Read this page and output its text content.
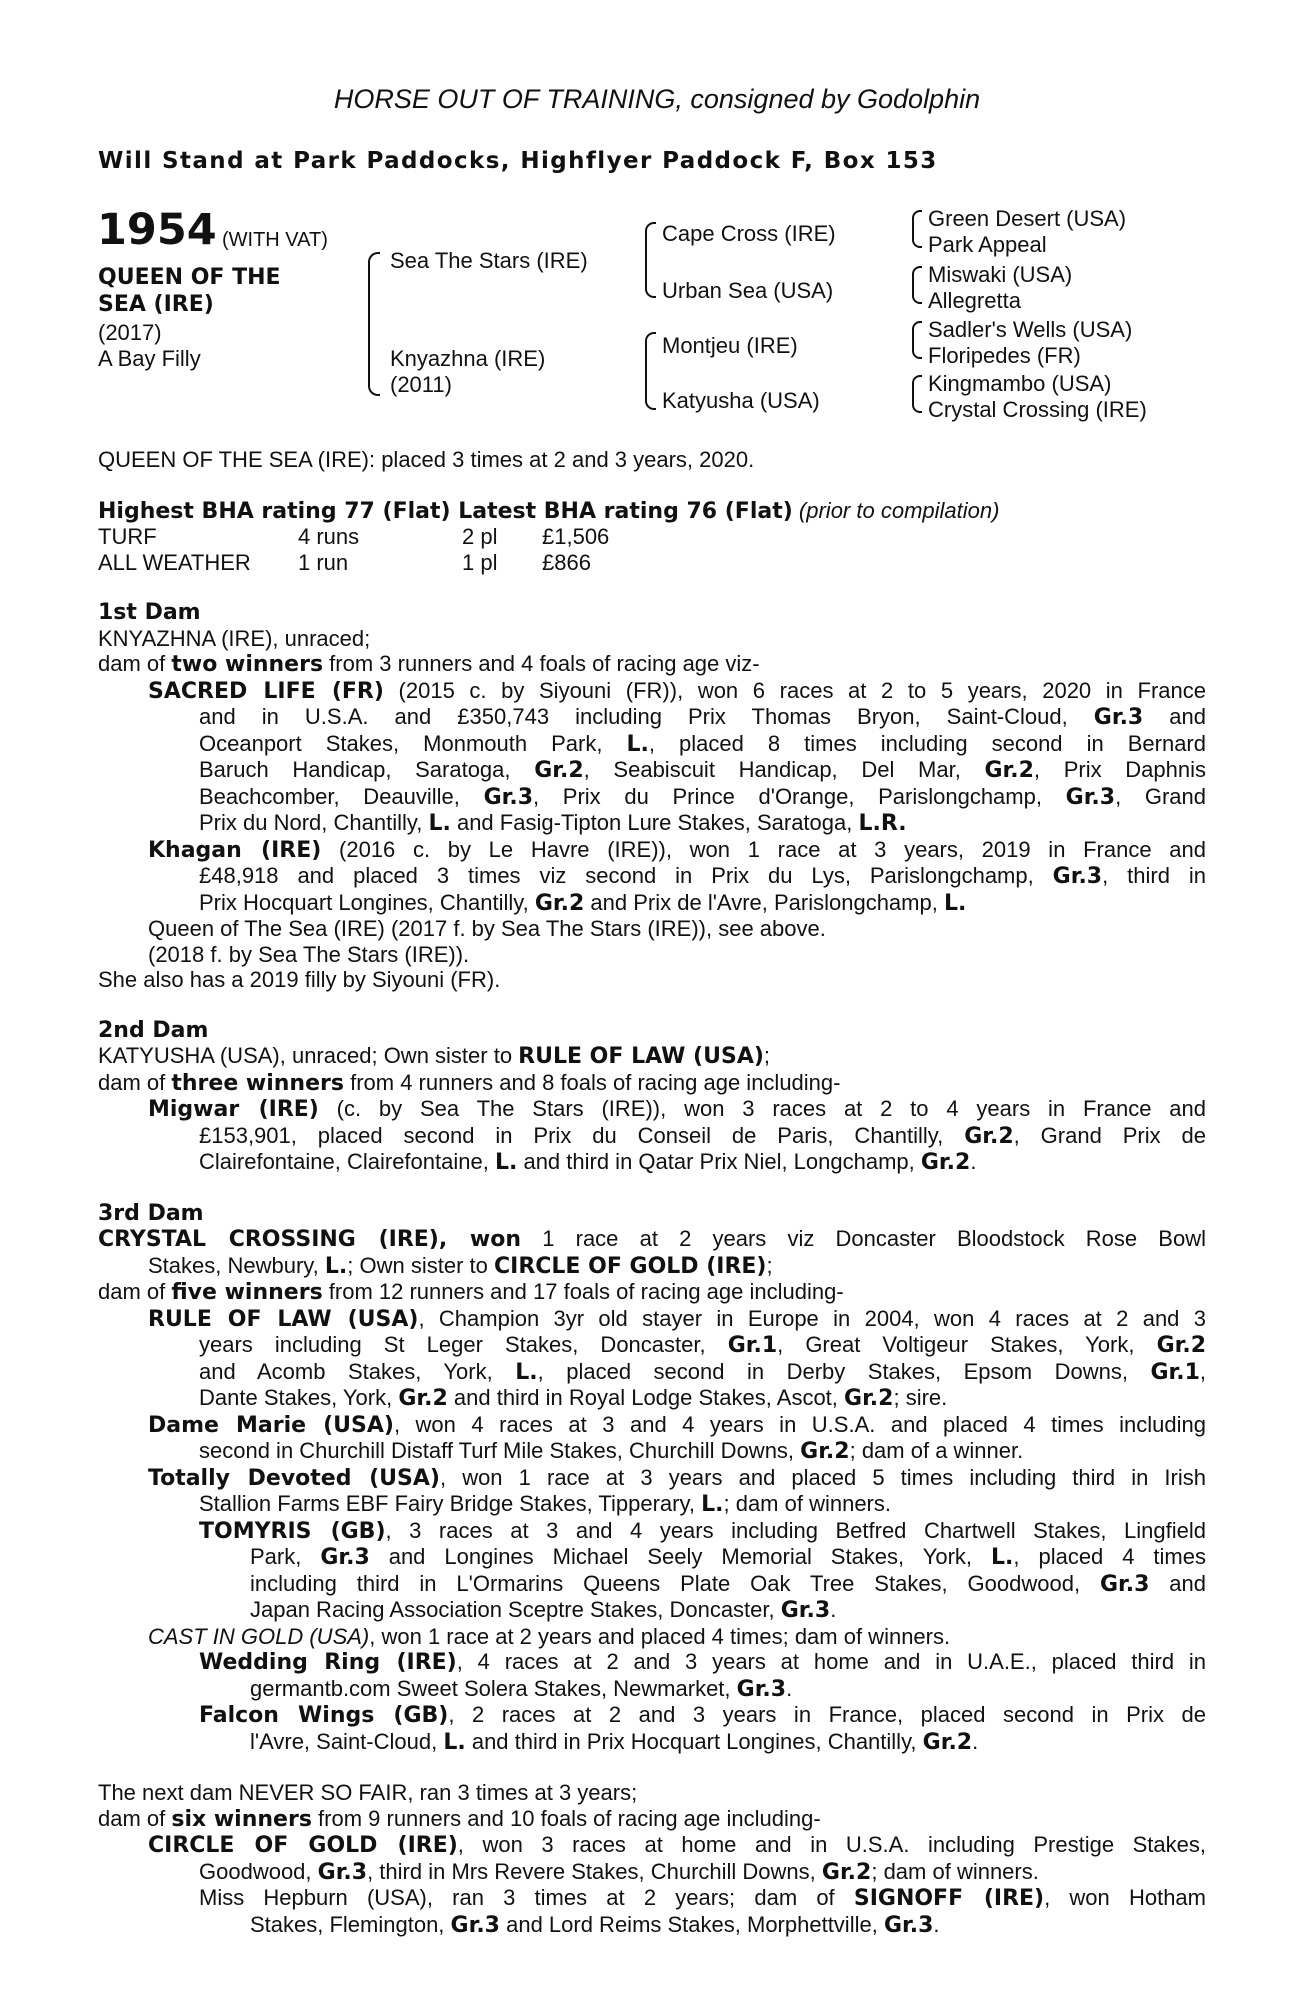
HORSE OUT OF TRAINING, consigned by Godolphin
Will Stand at Park Paddocks, Highflyer Paddock F, Box 153
1954 (WITH VAT)
QUEEN OF THE
SEA (IRE)
(2017)
A Bay Filly
Sea The Stars (IRE)
Knyazhna (IRE)
(2011)
Cape Cross (IRE)
Urban Sea (USA)
Montjeu (IRE)
Katyusha (USA)
Green Desert (USA)
Park Appeal
Miswaki (USA)
Allegretta
Sadler's Wells (USA)
Floripedes (FR)
Kingmambo (USA)
Crystal Crossing (IRE)
QUEEN OF THE SEA (IRE): placed 3 times at 2 and 3 years, 2020.
Highest BHA rating 77 (Flat) Latest BHA rating 76 (Flat) (prior to compilation)
TURF	4 runs	2 pl	£1,506
ALL WEATHER	1 run	1 pl	£866
1st Dam
KNYAZHNA (IRE), unraced;
dam of two winners from 3 runners and 4 foals of racing age viz-
SACRED LIFE (FR) (2015 c. by Siyouni (FR)), won 6 races at 2 to 5 years, 2020 in France
and in U.S.A. and £350,743 including Prix Thomas Bryon, Saint-Cloud, Gr.3 and
Oceanport Stakes, Monmouth Park, L., placed 8 times including second in Bernard
Baruch Handicap, Saratoga, Gr.2, Seabiscuit Handicap, Del Mar, Gr.2, Prix Daphnis
Beachcomber, Deauville, Gr.3, Prix du Prince d'Orange, Parislongchamp, Gr.3, Grand
Prix du Nord, Chantilly, L. and Fasig-Tipton Lure Stakes, Saratoga, L.R.
Khagan (IRE) (2016 c. by Le Havre (IRE)), won 1 race at 3 years, 2019 in France and
£48,918 and placed 3 times viz second in Prix du Lys, Parislongchamp, Gr.3, third in
Prix Hocquart Longines, Chantilly, Gr.2 and Prix de l'Avre, Parislongchamp, L.
Queen of The Sea (IRE) (2017 f. by Sea The Stars (IRE)), see above.
(2018 f. by Sea The Stars (IRE)).
She also has a 2019 filly by Siyouni (FR).
2nd Dam
KATYUSHA (USA), unraced; Own sister to RULE OF LAW (USA);
dam of three winners from 4 runners and 8 foals of racing age including-
Migwar (IRE) (c. by Sea The Stars (IRE)), won 3 races at 2 to 4 years in France and
£153,901, placed second in Prix du Conseil de Paris, Chantilly, Gr.2, Grand Prix de
Clairefontaine, Clairefontaine, L. and third in Qatar Prix Niel, Longchamp, Gr.2.
3rd Dam
CRYSTAL CROSSING (IRE), won 1 race at 2 years viz Doncaster Bloodstock Rose Bowl
Stakes, Newbury, L.; Own sister to CIRCLE OF GOLD (IRE);
dam of five winners from 12 runners and 17 foals of racing age including-
RULE OF LAW (USA), Champion 3yr old stayer in Europe in 2004, won 4 races at 2 and 3
years including St Leger Stakes, Doncaster, Gr.1, Great Voltigeur Stakes, York, Gr.2
and Acomb Stakes, York, L., placed second in Derby Stakes, Epsom Downs, Gr.1,
Dante Stakes, York, Gr.2 and third in Royal Lodge Stakes, Ascot, Gr.2; sire.
Dame Marie (USA), won 4 races at 3 and 4 years in U.S.A. and placed 4 times including
second in Churchill Distaff Turf Mile Stakes, Churchill Downs, Gr.2; dam of a winner.
Totally Devoted (USA), won 1 race at 3 years and placed 5 times including third in Irish
Stallion Farms EBF Fairy Bridge Stakes, Tipperary, L.; dam of winners.
TOMYRIS (GB), 3 races at 3 and 4 years including Betfred Chartwell Stakes, Lingfield
Park, Gr.3 and Longines Michael Seely Memorial Stakes, York, L., placed 4 times
including third in L'Ormarins Queens Plate Oak Tree Stakes, Goodwood, Gr.3 and
Japan Racing Association Sceptre Stakes, Doncaster, Gr.3.
CAST IN GOLD (USA), won 1 race at 2 years and placed 4 times; dam of winners.
Wedding Ring (IRE), 4 races at 2 and 3 years at home and in U.A.E., placed third in
germantb.com Sweet Solera Stakes, Newmarket, Gr.3.
Falcon Wings (GB), 2 races at 2 and 3 years in France, placed second in Prix de
l'Avre, Saint-Cloud, L. and third in Prix Hocquart Longines, Chantilly, Gr.2.
The next dam NEVER SO FAIR, ran 3 times at 3 years;
dam of six winners from 9 runners and 10 foals of racing age including-
CIRCLE OF GOLD (IRE), won 3 races at home and in U.S.A. including Prestige Stakes,
Goodwood, Gr.3, third in Mrs Revere Stakes, Churchill Downs, Gr.2; dam of winners.
Miss Hepburn (USA), ran 3 times at 2 years; dam of SIGNOFF (IRE), won Hotham
Stakes, Flemington, Gr.3 and Lord Reims Stakes, Morphettville, Gr.3.
